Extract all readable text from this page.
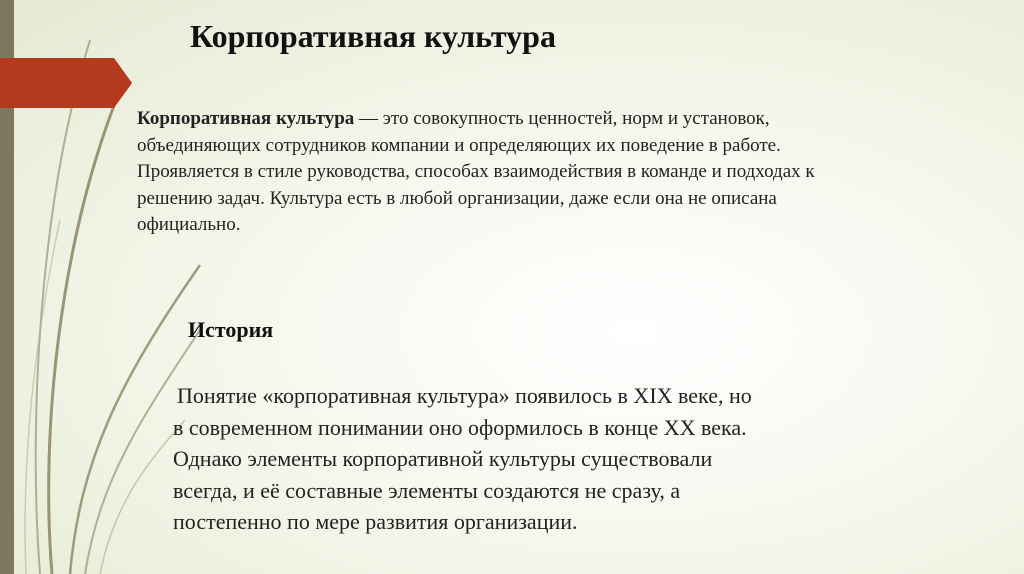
Корпоративная культура
Корпоративная культура — это совокупность ценностей, норм и установок, объединяющих сотрудников компании и определяющих их поведение в работе. Проявляется в стиле руководства, способах взаимодействия в команде и подходах к решению задач. Культура есть в любой организации, даже если она не описана официально.
История
Понятие «корпоративная культура» появилось в XIX веке, но
в современном понимании оно оформилось в конце XX века.
Однако элементы корпоративной культуры существовали
всегда, и её составные элементы создаются не сразу, а
постепенно по мере развития организации.
